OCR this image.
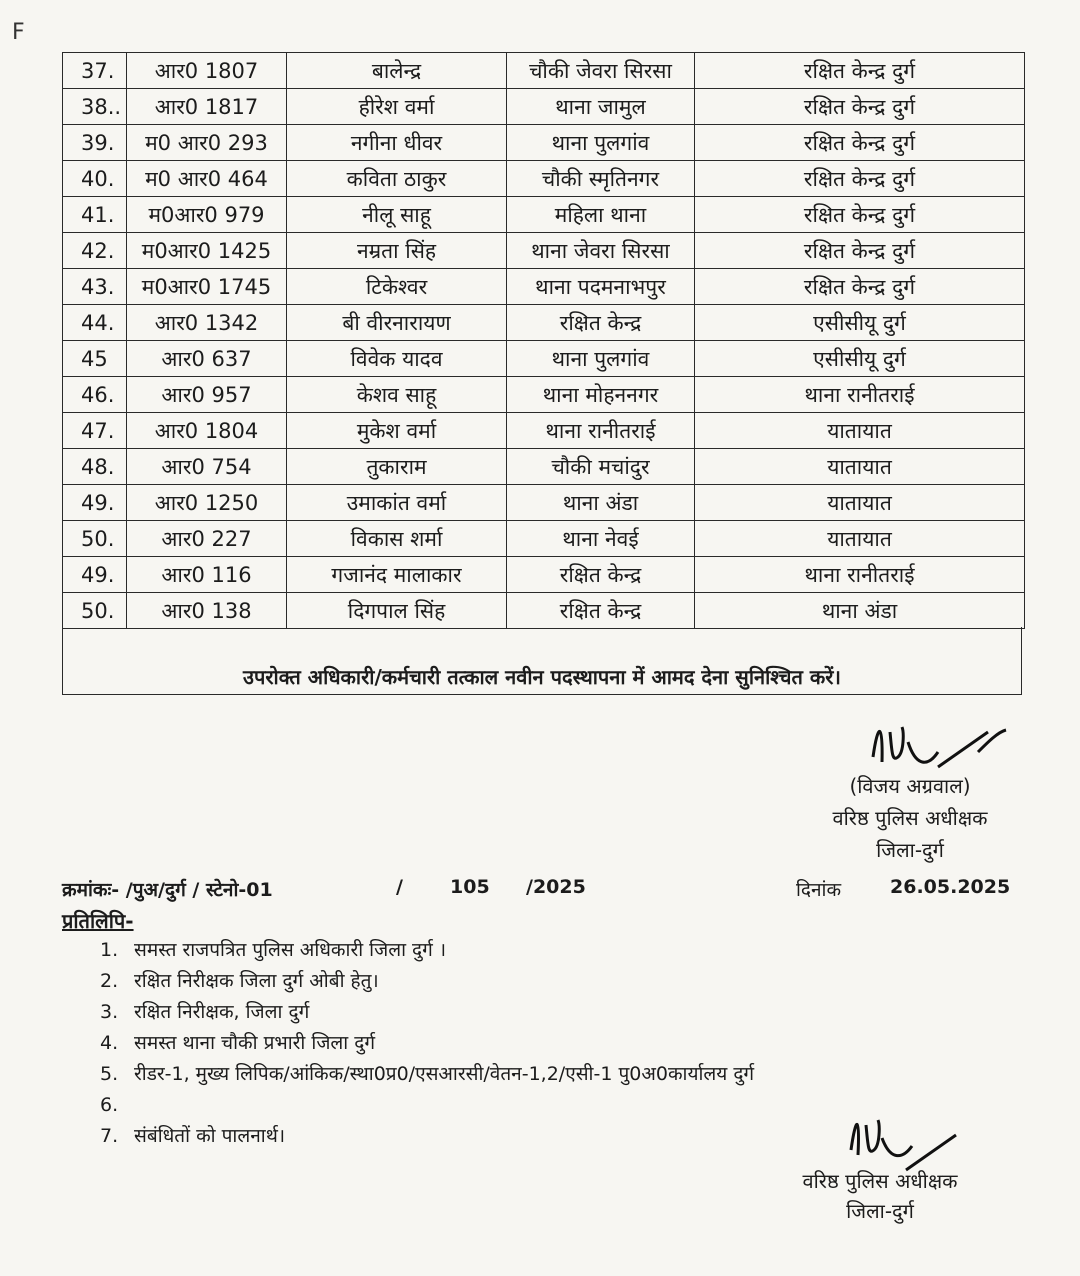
F
37.	आर0 1807	बालेन्द्र	चौकी जेवरा सिरसा	रक्षित केन्द्र दुर्ग
38..	आर0 1817	हीरेश वर्मा	थाना जामुल	रक्षित केन्द्र दुर्ग
39.	म0 आर0 293	नगीना धीवर	थाना पुलगांव	रक्षित केन्द्र दुर्ग
40.	म0 आर0 464	कविता ठाकुर	चौकी स्मृतिनगर	रक्षित केन्द्र दुर्ग
41.	म0आर0 979	नीलू साहू	महिला थाना	रक्षित केन्द्र दुर्ग
42.	म0आर0 1425	नम्रता सिंह	थाना जेवरा सिरसा	रक्षित केन्द्र दुर्ग
43.	म0आर0 1745	टिकेश्वर	थाना पदमनाभपुर	रक्षित केन्द्र दुर्ग
44.	आर0 1342	बी वीरनारायण	रक्षित केन्द्र	एसीसीयू दुर्ग
45	आर0 637	विवेक यादव	थाना पुलगांव	एसीसीयू दुर्ग
46.	आर0 957	केशव साहू	थाना मोहननगर	थाना रानीतराई
47.	आर0 1804	मुकेश वर्मा	थाना रानीतराई	यातायात
48.	आर0 754	तुकाराम	चौकी मचांदुर	यातायात
49.	आर0 1250	उमाकांत वर्मा	थाना अंडा	यातायात
50.	आर0 227	विकास शर्मा	थाना नेवई	यातायात
49.	आर0 116	गजानंद मालाकार	रक्षित केन्द्र	थाना रानीतराई
50.	आर0 138	दिगपाल सिंह	रक्षित केन्द्र	थाना अंडा
उपरोक्त अधिकारी/कर्मचारी तत्काल नवीन पदस्थापना में आमद देना सुनिश्चित करें।
(विजय अग्रवाल)
वरिष्ठ पुलिस अधीक्षक
जिला-दुर्ग
क्रमांकः- /पुअ/दुर्ग / स्टेनो-01	/ 105 /2025	दिनांक	26.05.2025
प्रतिलिपि-
1. समस्त राजपत्रित पुलिस अधिकारी जिला दुर्ग ।
2. रक्षित निरीक्षक जिला दुर्ग ओबी हेतु।
3. रक्षित निरीक्षक, जिला दुर्ग
4. समस्त थाना चौकी प्रभारी जिला दुर्ग
5. रीडर-1, मुख्य लिपिक/आंकिक/स्था0प्र0/एसआरसी/वेतन-1,2/एसी-1 पु0अ0कार्यालय दुर्ग
6.
7. संबंधितों को पालनार्थ।
वरिष्ठ पुलिस अधीक्षक
जिला-दुर्ग
